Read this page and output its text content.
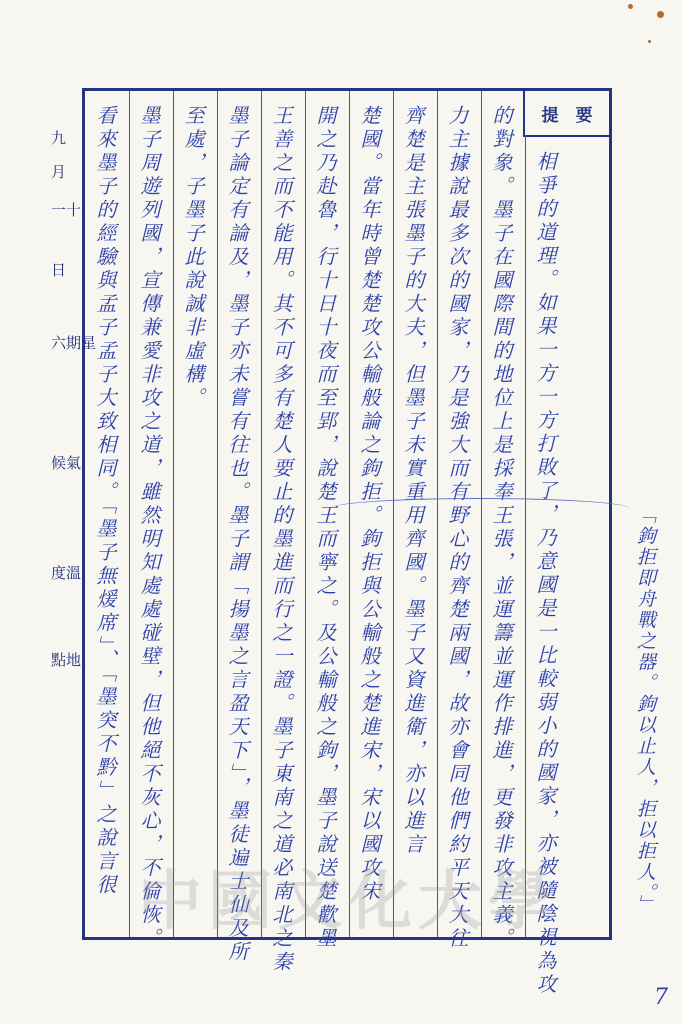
九
月
十一
日
星期六
氣候
溫度
地點
提　要
相爭的道理。如果一方一方打敗了，乃意國是一比較弱小的國家，亦被隨陰視為攻
的對象。墨子在國際間的地位上是採奉王張，並運籌並運作排進，更發非攻主義。
力主據說最多次的國家，乃是強大而有野心的齊楚兩國，故亦會同他們約平天大往
齊楚是主張墨子的大夫，但墨子未實重用齊國。墨子又資進衛，亦以進言
楚國。當年時曾楚楚攻公輸般論之鉤拒。鉤拒與公輸般之楚進宋，宋以國攻宋
開之乃赴魯，行十日十夜而至郢，說楚王而寧之。及公輸般之鉤，墨子說送楚歡墨
王善之而不能用。其不可多有楚人要止的墨進而行之一證。墨子東南之道必南北之秦
墨子論定有論及，墨子亦未嘗有往也。墨子謂「揚墨之言盈天下」，墨徒遍士仙及所
至處，子墨子此說誠非虛構。
墨子周遊列國，宣傳兼愛非攻之道，雖然明知處處碰壁，但他絕不灰心，不倫恢。
看來墨子的經驗與孟子孟子大致相同。「墨子無煖席」、「墨突不黔」之說言很	「鉤拒即舟戰之器。鉤以止人，拒以拒人。」
中國文化大學
7
